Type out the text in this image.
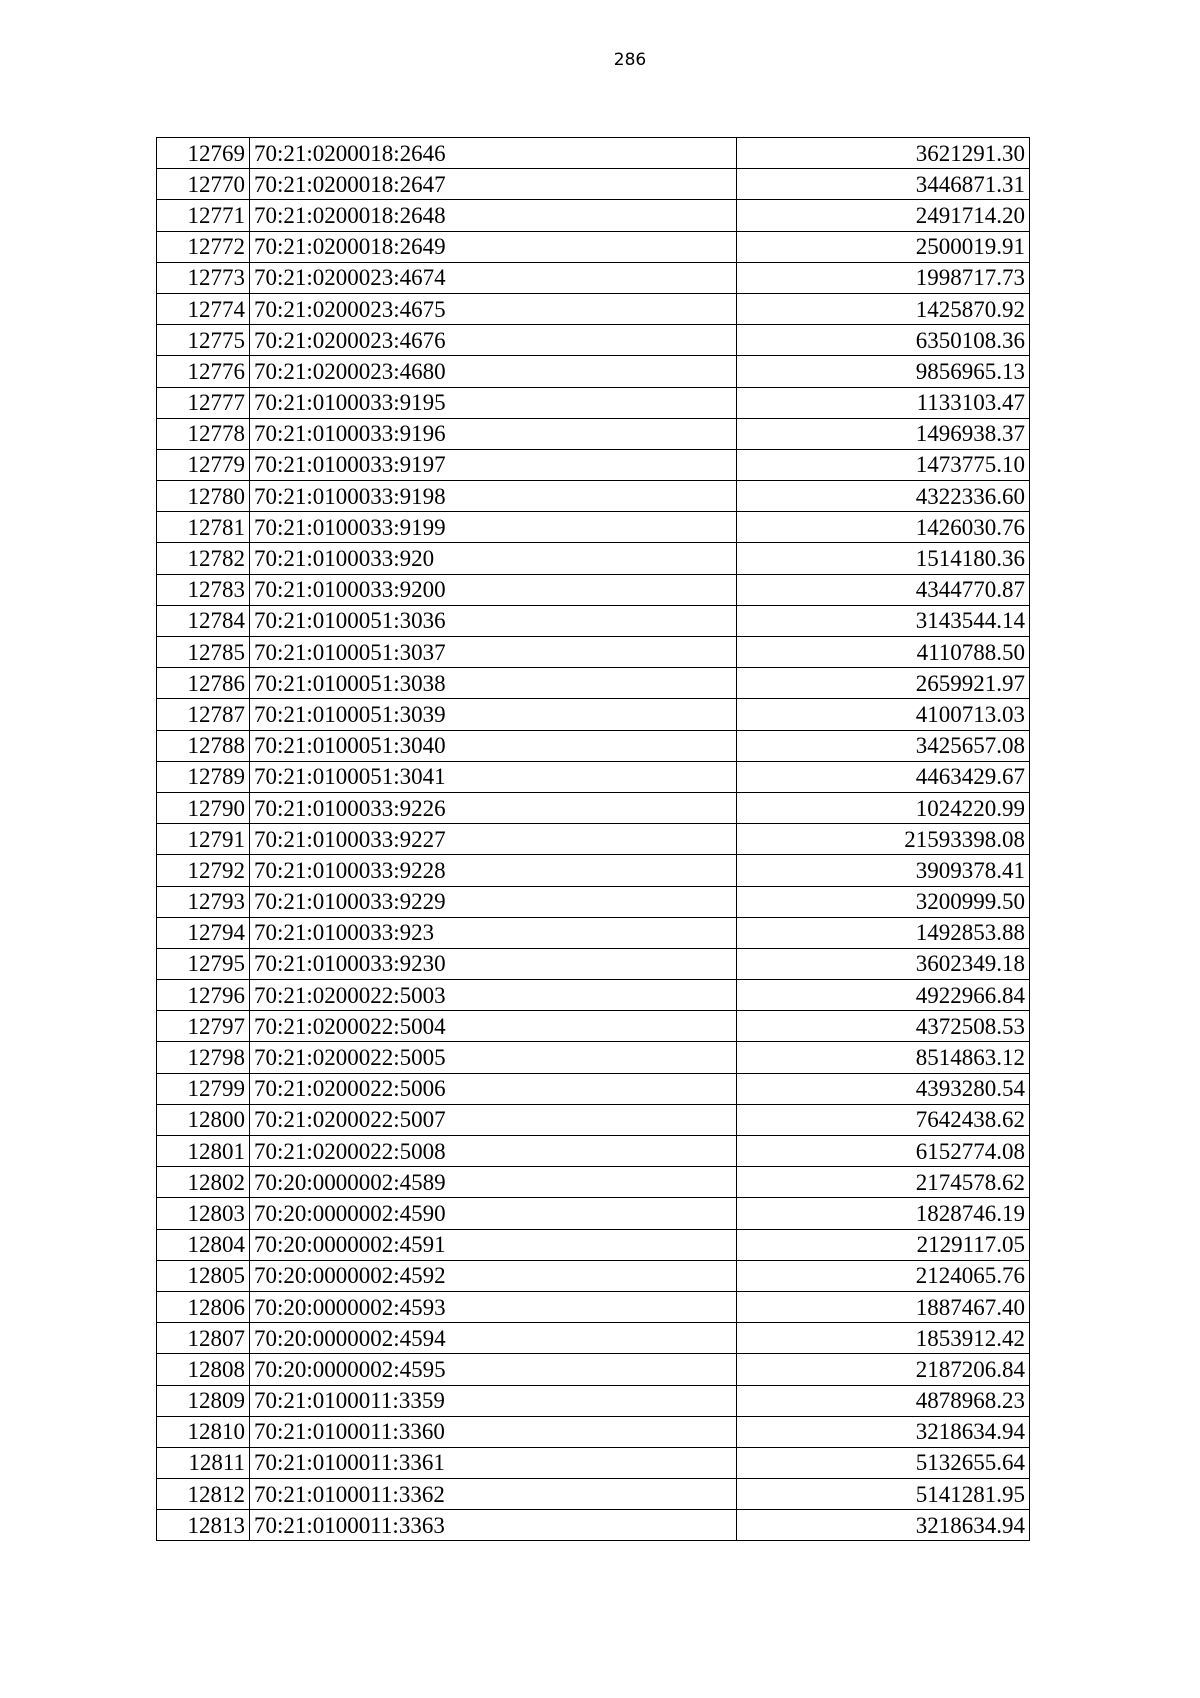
286
12769	70:21:0200018:2646	3621291.30
12770	70:21:0200018:2647	3446871.31
12771	70:21:0200018:2648	2491714.20
12772	70:21:0200018:2649	2500019.91
12773	70:21:0200023:4674	1998717.73
12774	70:21:0200023:4675	1425870.92
12775	70:21:0200023:4676	6350108.36
12776	70:21:0200023:4680	9856965.13
12777	70:21:0100033:9195	1133103.47
12778	70:21:0100033:9196	1496938.37
12779	70:21:0100033:9197	1473775.10
12780	70:21:0100033:9198	4322336.60
12781	70:21:0100033:9199	1426030.76
12782	70:21:0100033:920	1514180.36
12783	70:21:0100033:9200	4344770.87
12784	70:21:0100051:3036	3143544.14
12785	70:21:0100051:3037	4110788.50
12786	70:21:0100051:3038	2659921.97
12787	70:21:0100051:3039	4100713.03
12788	70:21:0100051:3040	3425657.08
12789	70:21:0100051:3041	4463429.67
12790	70:21:0100033:9226	1024220.99
12791	70:21:0100033:9227	21593398.08
12792	70:21:0100033:9228	3909378.41
12793	70:21:0100033:9229	3200999.50
12794	70:21:0100033:923	1492853.88
12795	70:21:0100033:9230	3602349.18
12796	70:21:0200022:5003	4922966.84
12797	70:21:0200022:5004	4372508.53
12798	70:21:0200022:5005	8514863.12
12799	70:21:0200022:5006	4393280.54
12800	70:21:0200022:5007	7642438.62
12801	70:21:0200022:5008	6152774.08
12802	70:20:0000002:4589	2174578.62
12803	70:20:0000002:4590	1828746.19
12804	70:20:0000002:4591	2129117.05
12805	70:20:0000002:4592	2124065.76
12806	70:20:0000002:4593	1887467.40
12807	70:20:0000002:4594	1853912.42
12808	70:20:0000002:4595	2187206.84
12809	70:21:0100011:3359	4878968.23
12810	70:21:0100011:3360	3218634.94
12811	70:21:0100011:3361	5132655.64
12812	70:21:0100011:3362	5141281.95
12813	70:21:0100011:3363	3218634.94
